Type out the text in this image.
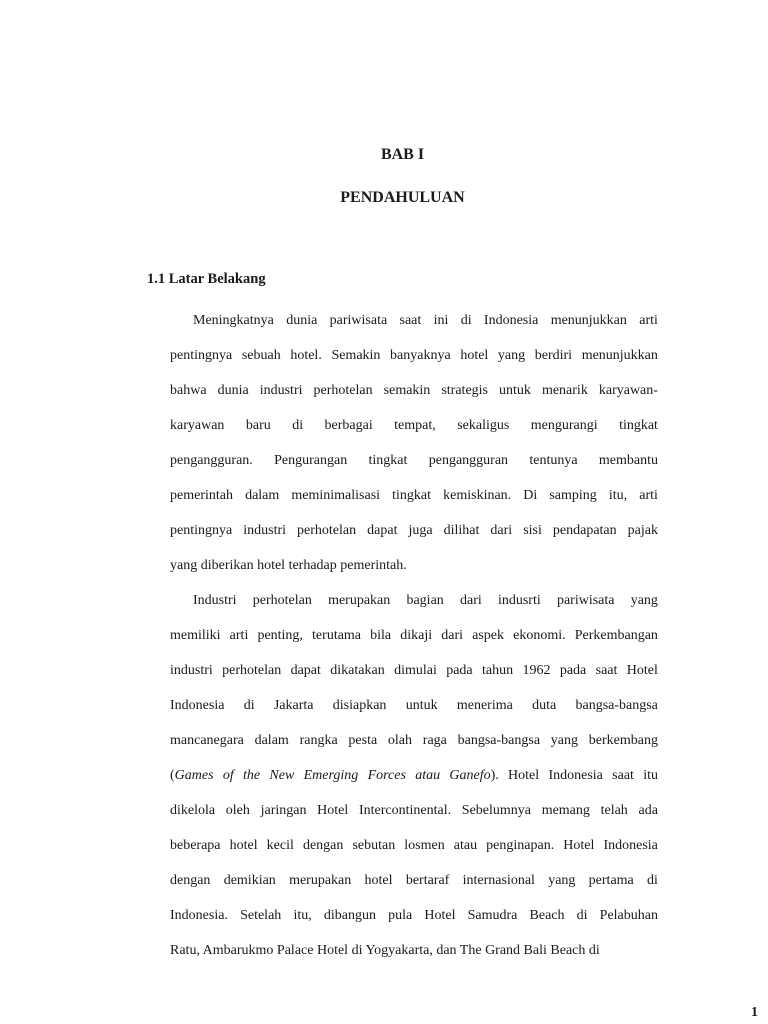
BAB I
PENDAHULUAN
1.1 Latar Belakang
Meningkatnya dunia pariwisata saat ini di Indonesia menunjukkan arti
pentingnya sebuah hotel. Semakin banyaknya hotel yang berdiri menunjukkan
bahwa dunia industri perhotelan semakin strategis untuk menarik karyawan-
karyawan baru di berbagai tempat, sekaligus mengurangi tingkat
pengangguran. Pengurangan tingkat pengangguran tentunya membantu
pemerintah dalam meminimalisasi tingkat kemiskinan. Di samping itu, arti
pentingnya industri perhotelan dapat juga dilihat dari sisi pendapatan pajak
yang diberikan hotel terhadap pemerintah.
Industri perhotelan merupakan bagian dari indusrti pariwisata yang
memiliki arti penting, terutama bila dikaji dari aspek ekonomi. Perkembangan
industri perhotelan dapat dikatakan dimulai pada tahun 1962 pada saat Hotel
Indonesia di Jakarta disiapkan untuk menerima duta bangsa-bangsa
mancanegara dalam rangka pesta olah raga bangsa-bangsa yang berkembang
(Games of the New Emerging Forces atau Ganefo). Hotel Indonesia saat itu
dikelola oleh jaringan Hotel Intercontinental. Sebelumnya memang telah ada
beberapa hotel kecil dengan sebutan losmen atau penginapan. Hotel Indonesia
dengan demikian merupakan hotel bertaraf internasional yang pertama di
Indonesia. Setelah itu, dibangun pula Hotel Samudra Beach di Pelabuhan
Ratu, Ambarukmo Palace Hotel di Yogyakarta, dan The Grand Bali Beach di
1
